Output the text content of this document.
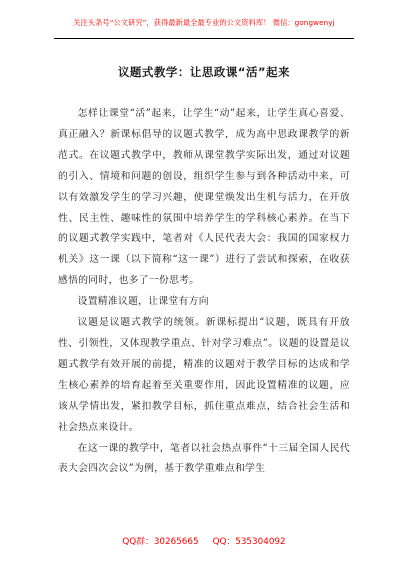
关注头条号“公文研究”，获得最新最全最专业的公文资料库！ 微信：gongwenyj
议题式教学：让思政课“活”起来

怎样让课堂“活”起来，让学生“动”起来，让学生真心喜爱、真正融入？新课标倡导的议题式教学，成为高中思政课教学的新范式。在议题式教学中，教师从课堂教学实际出发，通过对议题的引入、情境和问题的创设，组织学生参与到各种活动中来，可以有效激发学生的学习兴趣，使课堂焕发出生机与活力，在开放性、民主性、趣味性的氛围中培养学生的学科核心素养。在当下的议题式教学实践中，笔者对《人民代表大会：我国的国家权力机关》这一课（以下简称“这一课”）进行了尝试和探索，在收获感悟的同时，也多了一份思考。

设置精准议题，让课堂有方向

议题是议题式教学的统领。新课标提出“议题，既具有开放性、引领性，又体现教学重点、针对学习难点”。议题的设置是议题式教学有效开展的前提，精准的议题对于教学目标的达成和学生核心素养的培育起着至关重要作用，因此设置精准的议题，应该从学情出发，紧扣教学目标，抓住重点难点，结合社会生活和社会热点来设计。

在这一课的教学中，笔者以社会热点事件“十三届全国人民代表大会四次会议”为例，基于教学重难点和学生

QQ群：30265665 QQ：535304092
